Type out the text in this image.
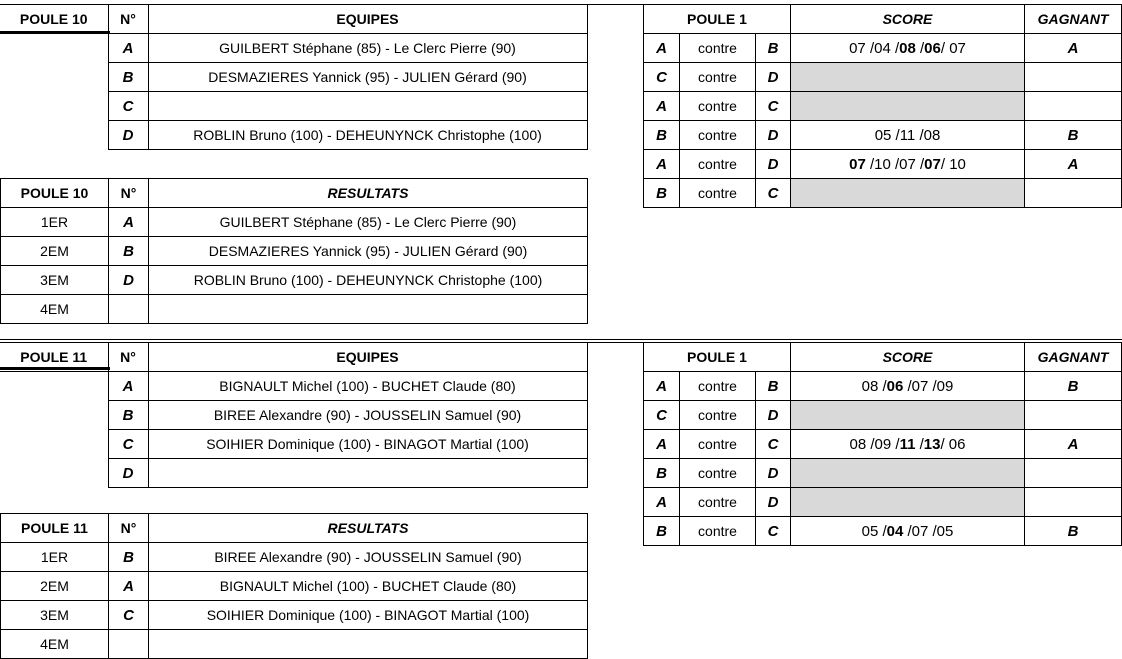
POULE 10	N°	EQUIPES
	A	GUILBERT Stéphane (85) - Le Clerc Pierre (90)
	B	DESMAZIERES Yannick (95) - JULIEN Gérard (90)
	C	
	D	ROBLIN Bruno (100) - DEHEUNYNCK Christophe (100)
POULE 10	N°	RESULTATS
1ER	A	GUILBERT Stéphane (85) - Le Clerc Pierre (90)
2EM	B	DESMAZIERES Yannick (95) - JULIEN Gérard (90)
3EM	D	ROBLIN Bruno (100) - DEHEUNYNCK Christophe (100)
4EM		
POULE 1			SCORE	GAGNANT
A	contre	B	07 /04 /08 /06/ 07	A
C	contre	D		
A	contre	C		
B	contre	D	05 /11 /08	B
A	contre	D	07 /10 /07 /07/ 10	A
B	contre	C		
POULE 11	N°	EQUIPES
	A	BIGNAULT Michel (100) - BUCHET Claude (80)
	B	BIREE Alexandre (90) - JOUSSELIN Samuel (90)
	C	SOIHIER Dominique (100) - BINAGOT Martial (100)
	D	
POULE 11	N°	RESULTATS
1ER	B	BIREE Alexandre (90) - JOUSSELIN Samuel (90)
2EM	A	BIGNAULT Michel (100) - BUCHET Claude (80)
3EM	C	SOIHIER Dominique (100) - BINAGOT Martial (100)
4EM		
POULE 1			SCORE	GAGNANT
A	contre	B	08 /06 /07 /09	B
C	contre	D		
A	contre	C	08 /09 /11 /13/ 06	A
B	contre	D		
A	contre	D		
B	contre	C	05 /04 /07 /05	B
